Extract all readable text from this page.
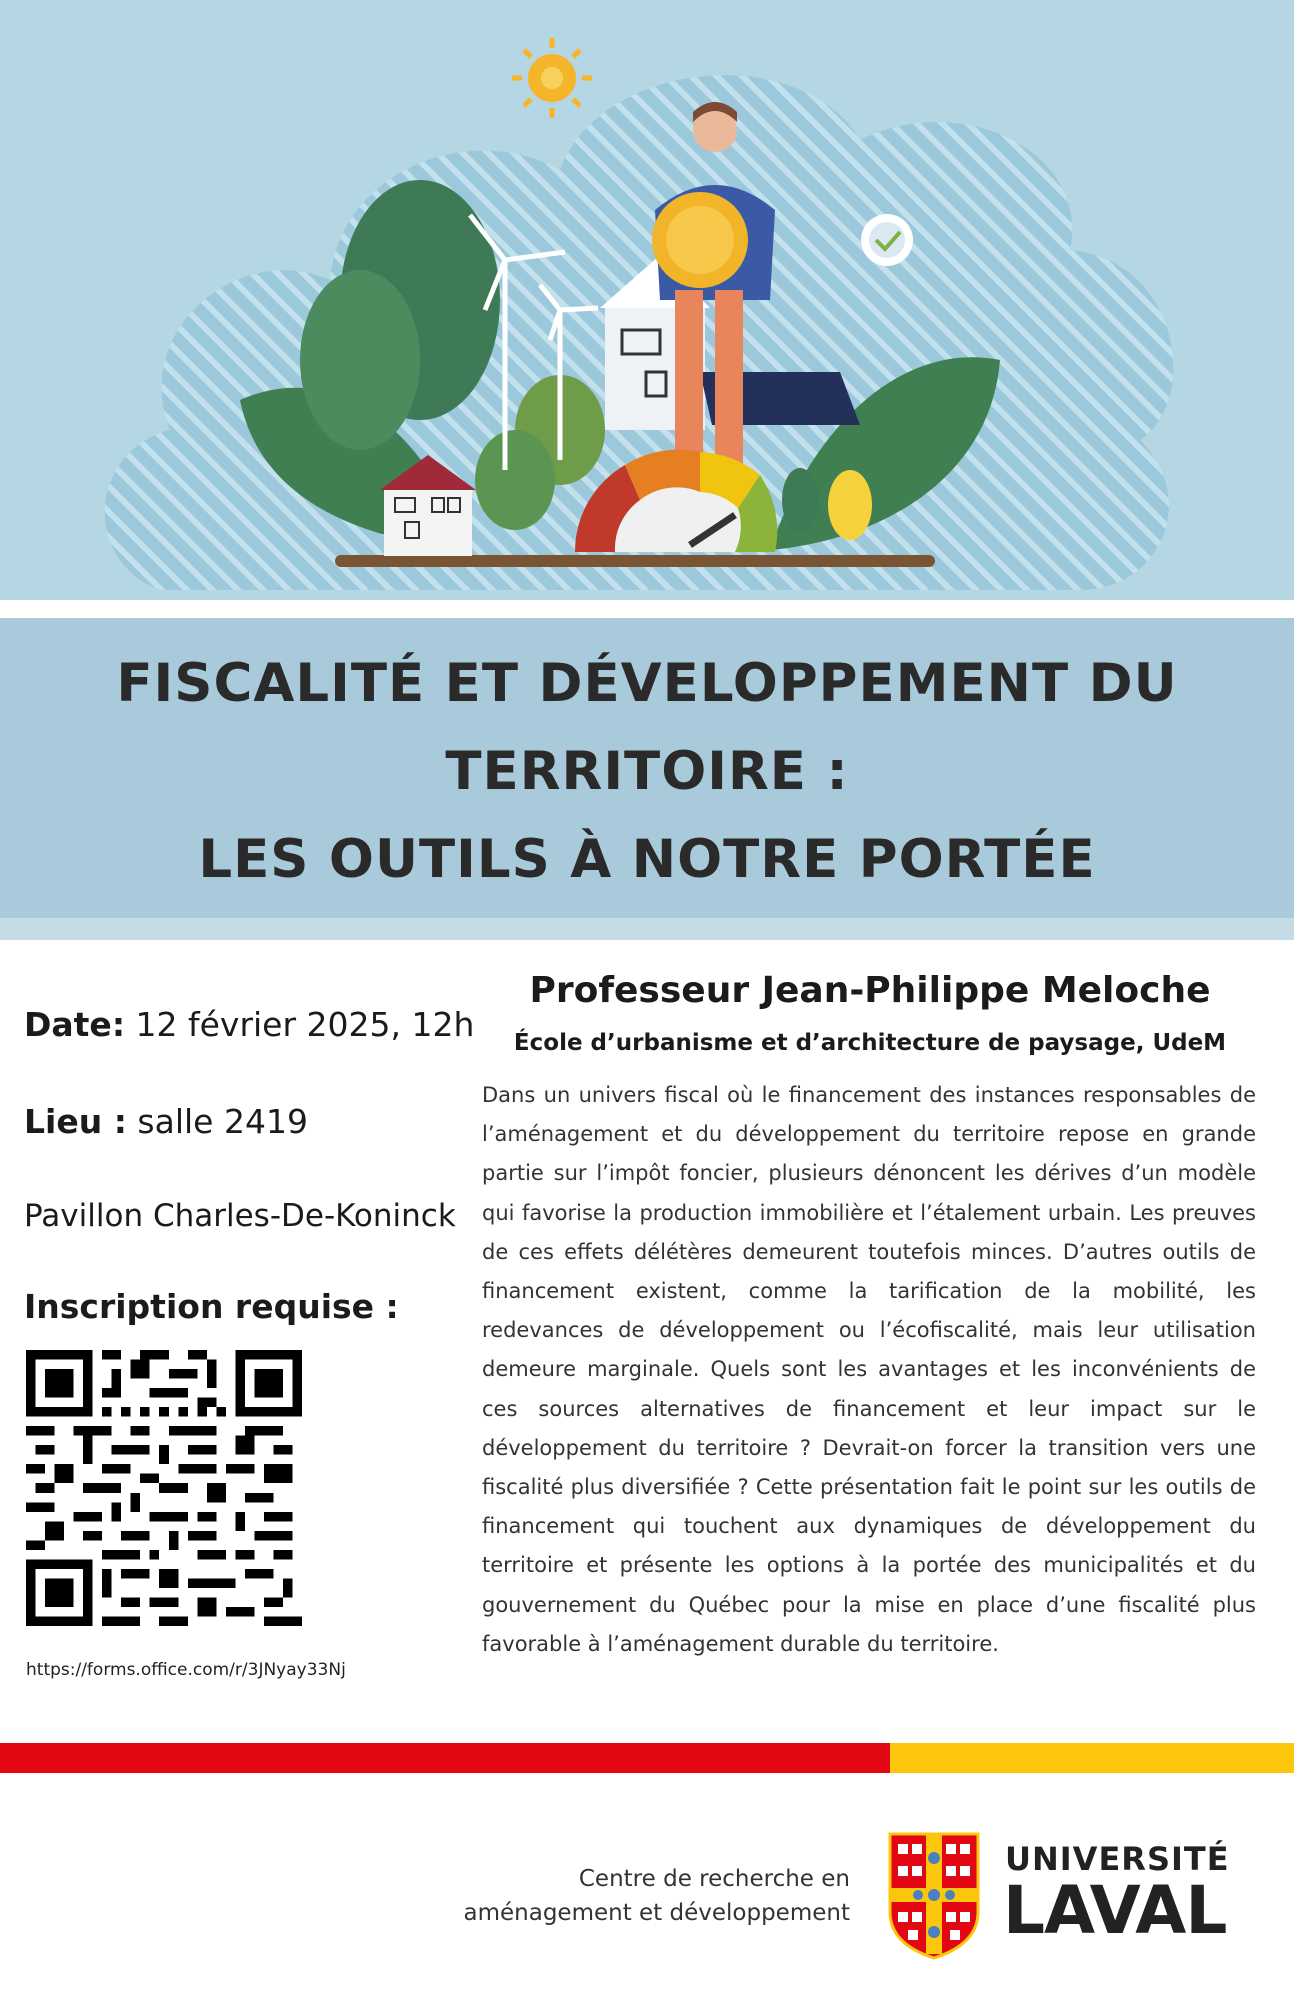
FISCALITÉ ET DÉVELOPPEMENT DU
TERRITOIRE :
LES OUTILS À NOTRE PORTÉE

Date: 12 février 2025, 12h

Lieu : salle 2419

Pavillon Charles-De-Koninck

Inscription requise :

https://forms.office.com/r/3JNyay33Nj

Professeur Jean-Philippe Meloche

École d’urbanisme et d’architecture de paysage, UdeM

Dans un univers fiscal où le financement des instances responsables de l’aménagement et du développement du territoire repose en grande partie sur l’impôt foncier, plusieurs dénoncent les dérives d’un modèle qui favorise la production immobilière et l’étalement urbain. Les preuves de ces effets délétères demeurent toutefois minces. D’autres outils de financement existent, comme la tarification de la mobilité, les redevances de développement ou l’écofiscalité, mais leur utilisation demeure marginale. Quels sont les avantages et les inconvénients de ces sources alternatives de financement et leur impact sur le développement du territoire ? Devrait-on forcer la transition vers une fiscalité plus diversifiée ? Cette présentation fait le point sur les outils de financement qui touchent aux dynamiques de développement du territoire et présente les options à la portée des municipalités et du gouvernement du Québec pour la mise en place d’une fiscalité plus favorable à l’aménagement durable du territoire.

Centre de recherche en
aménagement et développement

UNIVERSITÉ

LAVAL
